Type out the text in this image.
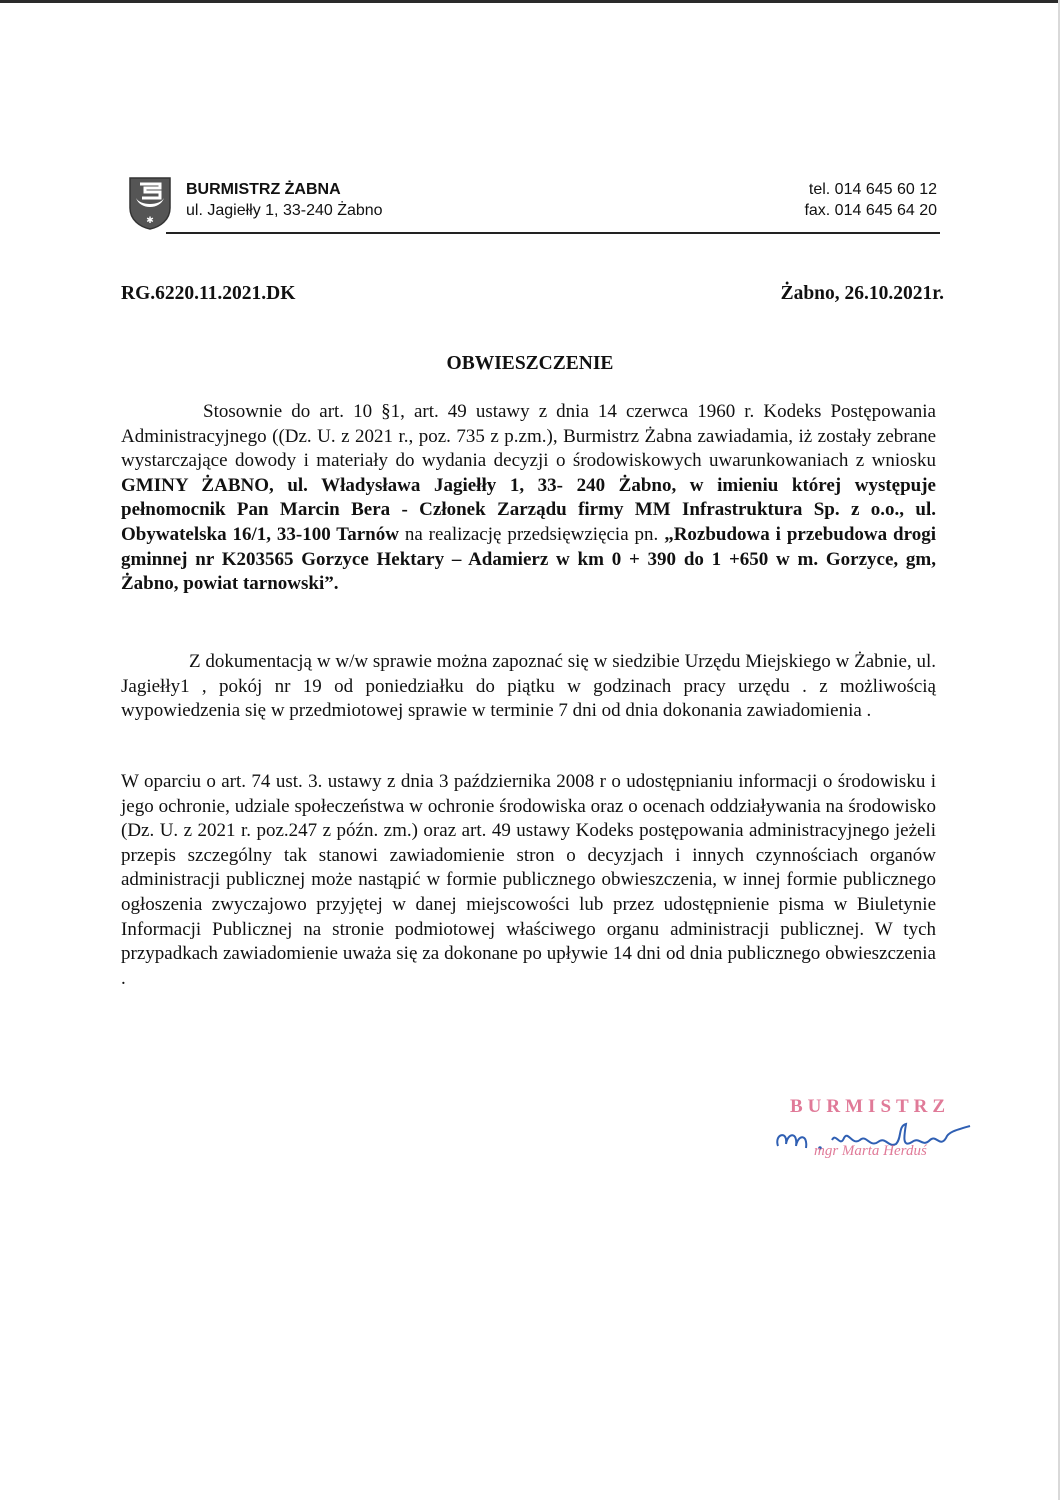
✱
BURMISTRZ ŻABNA
ul. Jagiełły 1, 33-240 Żabno
tel. 014 645 60 12
fax. 014 645 64 20
RG.6220.11.2021.DK	Żabno, 26.10.2021r.
OBWIESZCZENIE
Stosownie do art. 10 §1, art. 49 ustawy z dnia 14 czerwca 1960 r. Kodeks Postępowania Administracyjnego ((Dz. U. z 2021 r., poz. 735 z p.zm.), Burmistrz Żabna zawiadamia, iż zostały zebrane wystarczające dowody i materiały do wydania decyzji o środowiskowych uwarunkowaniach z wniosku GMINY ŻABNO, ul. Władysława Jagiełły 1, 33- 240 Żabno, w imieniu której występuje pełnomocnik Pan Marcin Bera - Członek Zarządu firmy MM Infrastruktura Sp. z o.o., ul. Obywatelska 16/1, 33-100 Tarnów na realizację przedsięwzięcia pn. „Rozbudowa i przebudowa drogi gminnej nr K203565 Gorzyce Hektary – Adamierz w km 0 + 390 do 1 +650 w m. Gorzyce, gm, Żabno, powiat tarnowski”.
Z dokumentacją w w/w sprawie można zapoznać się w siedzibie Urzędu Miejskiego w Żabnie, ul. Jagiełły1 , pokój nr 19 od poniedziałku do piątku w godzinach pracy urzędu . z możliwością wypowiedzenia się w przedmiotowej sprawie w terminie 7 dni od dnia dokonania zawiadomienia .
W oparciu o art. 74 ust. 3. ustawy z dnia 3 października 2008 r o udostępnianiu informacji o środowisku i jego ochronie, udziale społeczeństwa w ochronie środowiska oraz o ocenach oddziaływania na środowisko (Dz. U. z 2021 r. poz.247 z późn. zm.) oraz art. 49 ustawy Kodeks postępowania administracyjnego jeżeli przepis szczególny tak stanowi zawiadomienie stron o decyzjach i innych czynnościach organów administracji publicznej może nastąpić w formie publicznego obwieszczenia, w innej formie publicznego ogłoszenia zwyczajowo przyjętej w danej miejscowości lub przez udostępnienie pisma w Biuletynie Informacji Publicznej na stronie podmiotowej właściwego organu administracji publicznej. W tych przypadkach zawiadomienie uważa się za dokonane po upływie 14 dni od dnia publicznego obwieszczenia .
BURMISTRZ
mgr Marta Herduś
